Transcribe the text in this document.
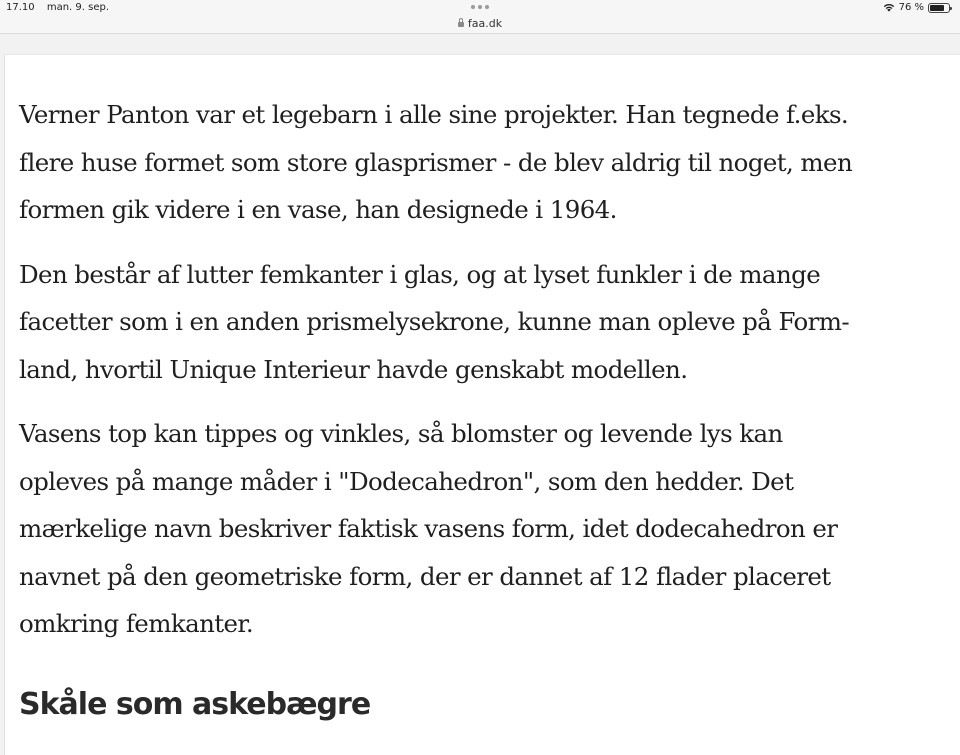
17.10 man. 9. sep.
faa.dk
76 %

Verner Panton var et legebarn i alle sine projekter. Han tegnede f.eks.
flere huse formet som store glasprismer - de blev aldrig til noget, men
formen gik videre i en vase, han designede i 1964.

Den består af lutter femkanter i glas, og at lyset funkler i de mange
facetter som i en anden prismelysekrone, kunne man opleve på Form-
land, hvortil Unique Interieur havde genskabt modellen.

Vasens top kan tippes og vinkles, så blomster og levende lys kan
opleves på mange måder i "Dodecahedron", som den hedder. Det
mærkelige navn beskriver faktisk vasens form, idet dodecahedron er
navnet på den geometriske form, der er dannet af 12 flader placeret
omkring femkanter.

Skåle som askebægre
